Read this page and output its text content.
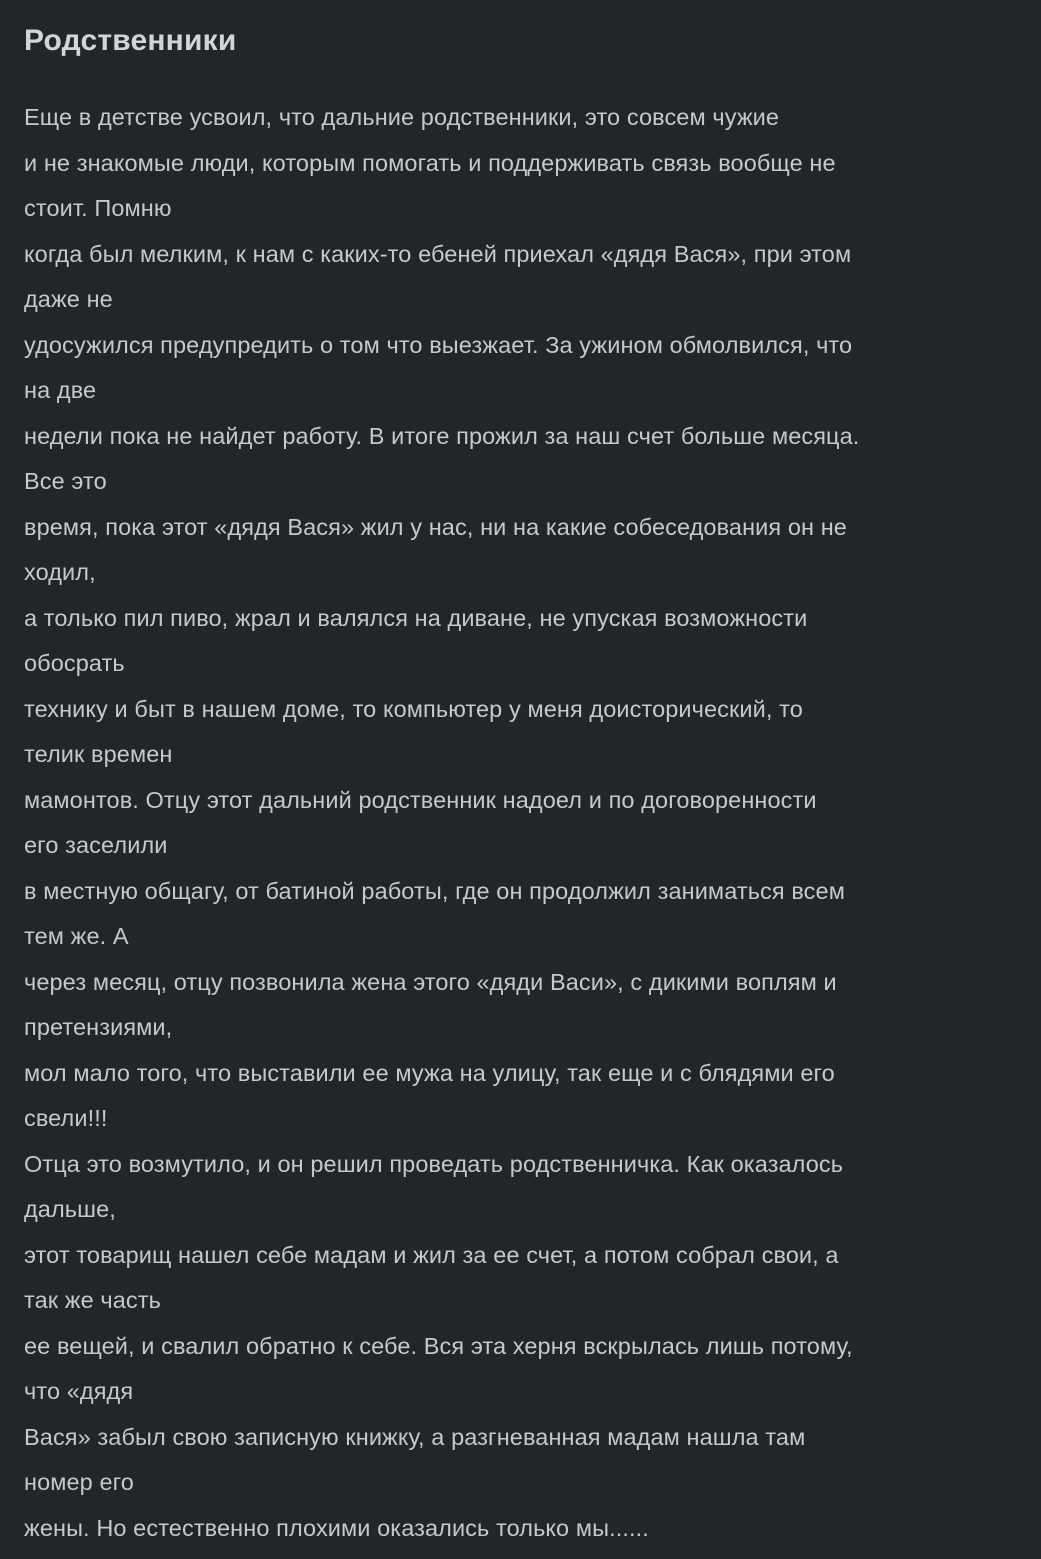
Родственники
Еще в детстве усвоил, что дальние родственники, это совсем чужие
и не знакомые люди, которым помогать и поддерживать связь вообще не
стоит. Помню
когда был мелким, к нам с каких-то ебеней приехал «дядя Вася», при этом
даже не
удосужился предупредить о том что выезжает. За ужином обмолвился, что
на две
недели пока не найдет работу. В итоге прожил за наш счет больше месяца.
Все это
время, пока этот «дядя Вася» жил у нас, ни на какие собеседования он не
ходил,
а только пил пиво, жрал и валялся на диване, не упуская возможности
обосрать
технику и быт в нашем доме, то компьютер у меня доисторический, то
телик времен
мамонтов. Отцу этот дальний родственник надоел и по договоренности
его заселили
в местную общагу, от батиной работы, где он продолжил заниматься всем
тем же. А
через месяц, отцу позвонила жена этого «дяди Васи», с дикими воплям и
претензиями,
мол мало того, что выставили ее мужа на улицу, так еще и с блядями его
свели!!!
Отца это возмутило, и он решил проведать родственничка. Как оказалось
дальше,
этот товарищ нашел себе мадам и жил за ее счет, а потом собрал свои, а
так же часть
ее вещей, и свалил обратно к себе. Вся эта херня вскрылась лишь потому,
что «дядя
Вася» забыл свою записную книжку, а разгневанная мадам нашла там
номер его
жены. Но естественно плохими оказались только мы......
